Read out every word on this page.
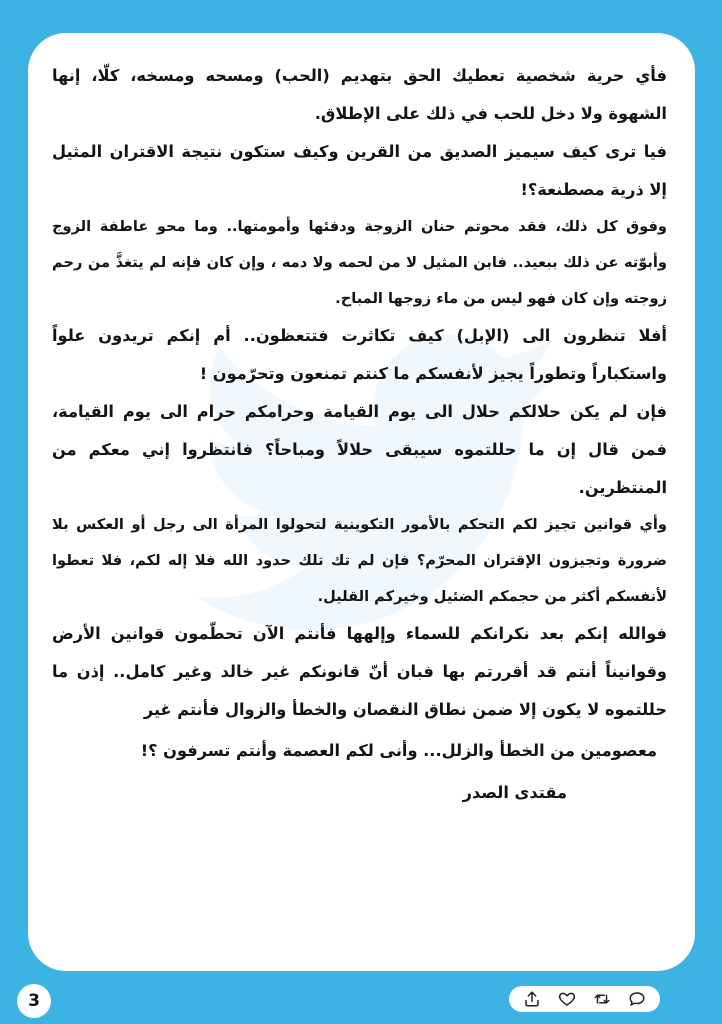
فأي حرية شخصية تعطيك الحق بتهديم (الحب) ومسحه ومسخه، كلّا، إنها الشهوة ولا دخل للحب في ذلك على الإطلاق.

فيا ترى كيف سيميز الصديق من القرين وكيف ستكون نتيجة الاقتران المثيل إلا ذرية مصطنعة؟!

وفوق كل ذلك، فقد محوتم حنان الزوجة ودفئها وأمومتها.. وما محو عاطفة الزوج وأبوّته عن ذلك ببعيد.. فابن المثيل لا من لحمه ولا دمه ، وإن كان فإنه لم يتغذَّ من رحم زوجته وإن كان فهو ليس من ماء زوجها المباح.

أفلا تنظرون الى (الإبل) كيف تكاثرت فتتعظون.. أم إنكم تريدون علواً واستكباراً وتطوراً يجيز لأنفسكم ما كنتم تمنعون وتحرّمون !

فإن لم يكن حلالكم حلال الى يوم القيامة وحرامكم حرام الى يوم القيامة، فمن قال إن ما حللتموه سيبقى حلالاً ومباحاً؟ فانتظروا إني معكم من المنتظرين.

وأي قوانين تجيز لكم التحكم بالأمور التكوينية لتحولوا المرأة الى رجل أو العكس بلا ضرورة وتجيزون الإقتران المحرّم؟ فإن لم تك تلك حدود الله فلا إله لكم، فلا تعطوا لأنفسكم أكثر من حجمكم الضئيل وخيركم القليل.

فوالله إنكم بعد نكرانكم للسماء وإلهها فأنتم الآن تحطّمون قوانين الأرض وقوانيناً أنتم قد أقررتم بها فبان أنّ قانونكم غير خالد وغير كامل.. إذن ما حللتموه لا يكون إلا ضمن نطاق النقصان والخطأ والزوال فأنتم غير

معصومين من الخطأ والزلل... وأنى لكم العصمة وأنتم تسرفون ؟!

مقتدى الصدر

3
